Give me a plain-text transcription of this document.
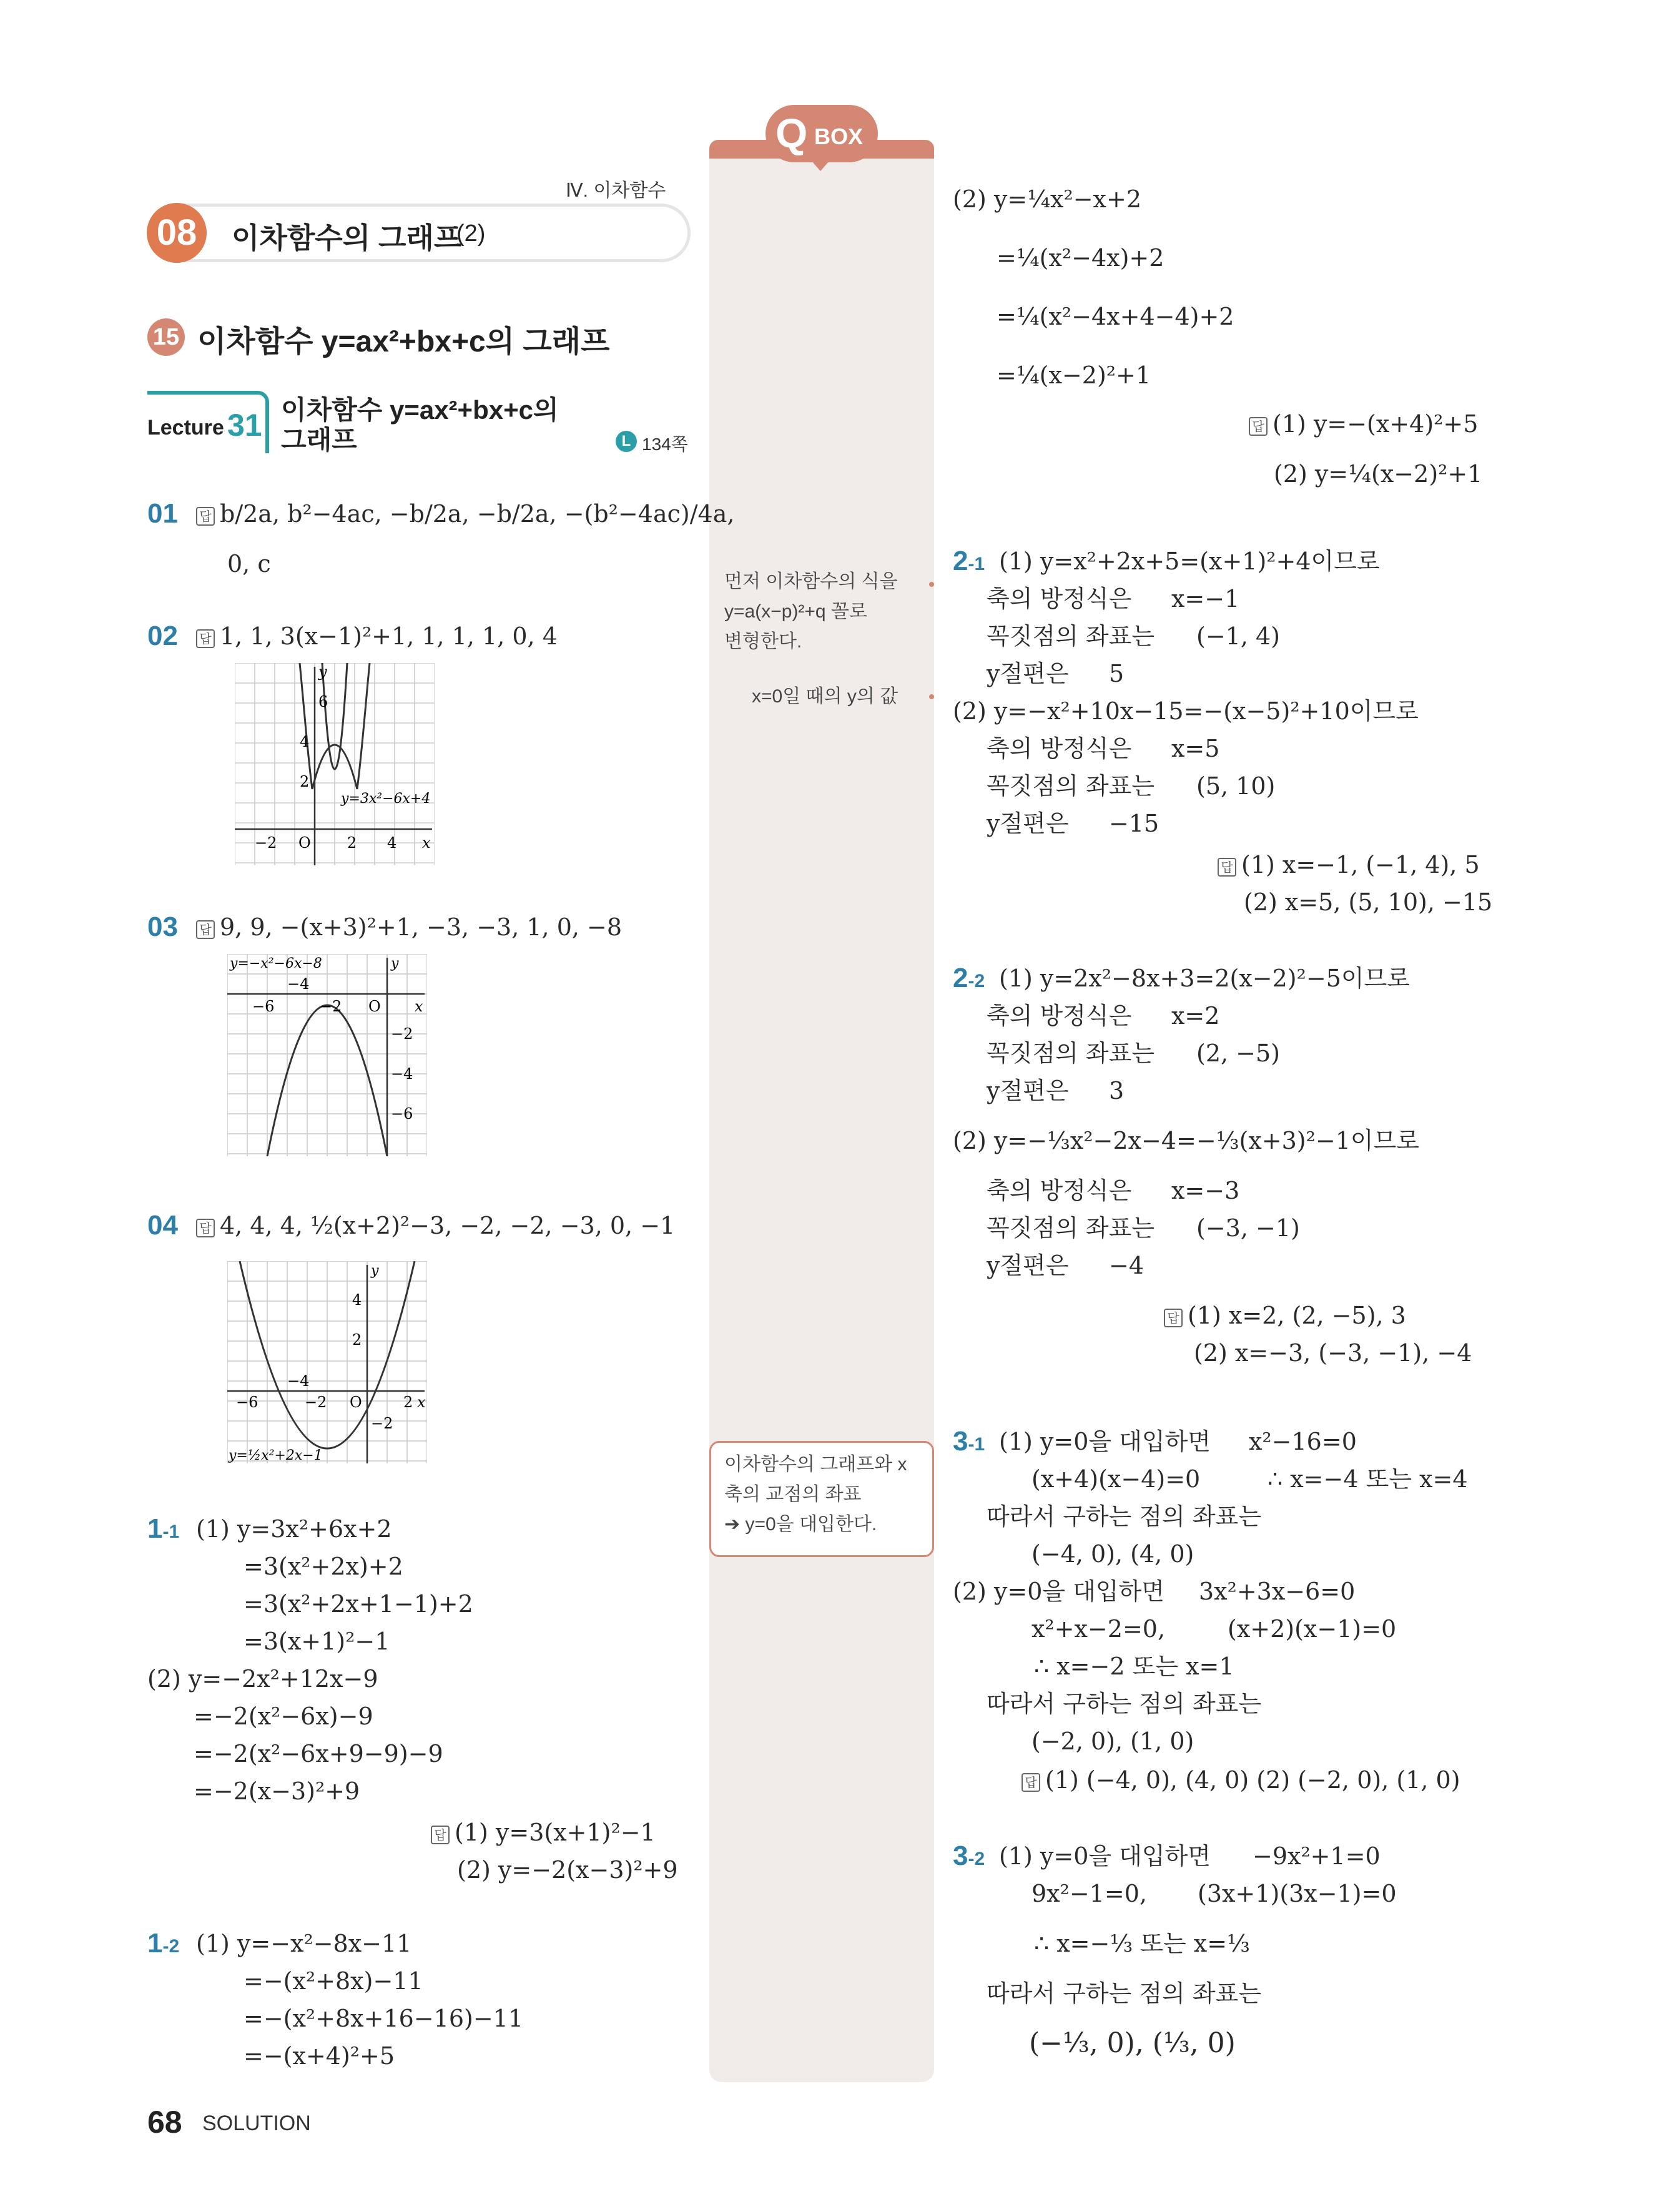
Q BOX
Ⅳ. 이차함수
08	이차함수의 그래프
(2)
15 이차함수 y=ax²+bx+c의 그래프
Lecture 31 이차함수 y=ax²+bx+c의
그래프	L 134쪽
01 답 b/2a, b²−4ac, −b/2a, −b/2a, −(b²−4ac)/4a,
0, c
02 답 1, 1, 3(x−1)²+1, 1, 1, 1, 0, 4
y
6
4
2
−2 O 2 4 x
y=3x²−6x+4
03 답 9, 9, −(x+3)²+1, −3, −3, 1, 0, −8
y=−x²−6x−8	y
−4
−6	−2 O x
−2
−4
−6
04 답 4, 4, 4, ½(x+2)²−3, −2, −2, −3, 0, −1
y
4
2
−4
−6	−2 O	2 x
−2
y=½x²+2x−1
1-1 (1) y=3x²+6x+2
=3(x²+2x)+2
=3(x²+2x+1−1)+2
=3(x+1)²−1
(2) y=−2x²+12x−9
=−2(x²−6x)−9
=−2(x²−6x+9−9)−9
=−2(x−3)²+9
답 (1) y=3(x+1)²−1
(2) y=−2(x−3)²+9
1-2 (1) y=−x²−8x−11
=−(x²+8x)−11
=−(x²+8x+16−16)−11
=−(x+4)²+5
68 SOLUTION
먼저 이차함수의 식을
y=a(x−p)²+q 꼴로
변형한다.
x=0일 때의 y의 값
이차함수의 그래프와 x
축의 교점의 좌표
➔ y=0을 대입한다.
(2) y=¼x²−x+2
=¼(x²−4x)+2
=¼(x²−4x+4−4)+2
=¼(x−2)²+1
답 (1) y=−(x+4)²+5
(2) y=¼(x−2)²+1
2-1 (1) y=x²+2x+5=(x+1)²+4이므로
축의 방정식은 x=−1
꼭짓점의 좌표는 (−1, 4)
y절편은 5
(2) y=−x²+10x−15=−(x−5)²+10이므로
축의 방정식은 x=5
꼭짓점의 좌표는 (5, 10)
y절편은 −15
답 (1) x=−1, (−1, 4), 5
(2) x=5, (5, 10), −15
2-2 (1) y=2x²−8x+3=2(x−2)²−5이므로
축의 방정식은 x=2
꼭짓점의 좌표는 (2, −5)
y절편은 3
(2) y=−⅓x²−2x−4=−⅓(x+3)²−1이므로
축의 방정식은 x=−3
꼭짓점의 좌표는 (−3, −1)
y절편은 −4
답 (1) x=2, (2, −5), 3
(2) x=−3, (−3, −1), −4
3-1 (1) y=0을 대입하면 x²−16=0
(x+4)(x−4)=0	∴ x=−4 또는 x=4
따라서 구하는 점의 좌표는
(−4, 0), (4, 0)
(2) y=0을 대입하면 3x²+3x−6=0
x²+x−2=0,	(x+2)(x−1)=0
∴ x=−2 또는 x=1
따라서 구하는 점의 좌표는
(−2, 0), (1, 0)
답 (1) (−4, 0), (4, 0) (2) (−2, 0), (1, 0)
3-2 (1) y=0을 대입하면 −9x²+1=0
9x²−1=0, (3x+1)(3x−1)=0
∴ x=−⅓ 또는 x=⅓
따라서 구하는 점의 좌표는
(−⅓, 0), (⅓, 0)
